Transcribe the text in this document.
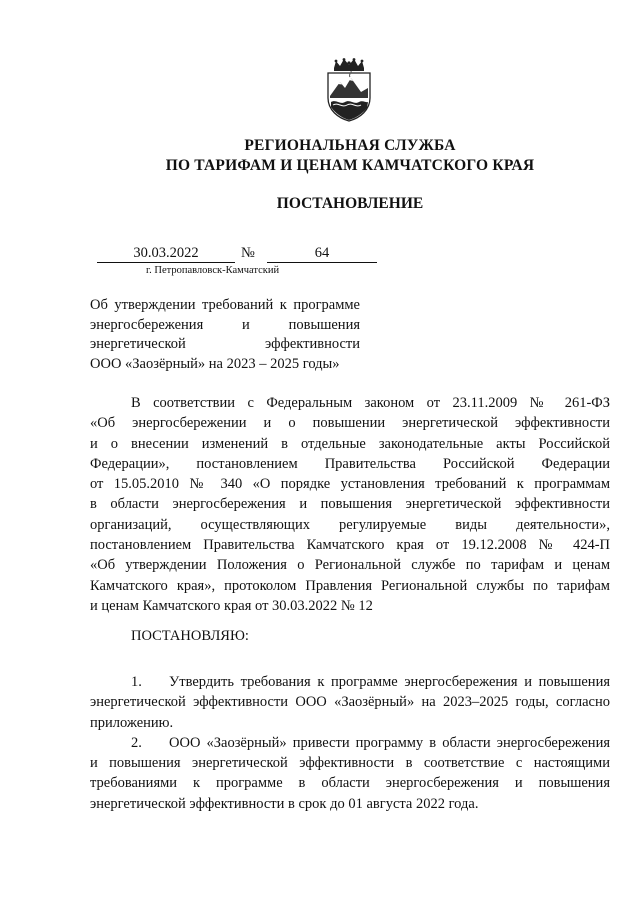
РЕГИОНАЛЬНАЯ СЛУЖБА
ПО ТАРИФАМ И ЦЕНАМ КАМЧАТСКОГО КРАЯ
ПОСТАНОВЛЕНИЕ
30.03.2022	№	64
г. Петропавловск-Камчатский
Об утверждении требований к программе
энергосбережения и повышения
энергетической эффективности
ООО «Заозёрный» на 2023 – 2025 годы»
В соответствии с Федеральным законом от 23.11.2009 № 261-ФЗ
«Об энергосбережении и о повышении энергетической эффективности
и о внесении изменений в отдельные законодательные акты Российской
Федерации», постановлением Правительства Российской Федерации
от 15.05.2010 № 340 «О порядке установления требований к программам
в области энергосбережения и повышения энергетической эффективности
организаций, осуществляющих регулируемые виды деятельности»,
постановлением Правительства Камчатского края от 19.12.2008 № 424-П
«Об утверждении Положения о Региональной службе по тарифам и ценам
Камчатского края», протоколом Правления Региональной службы по тарифам
и ценам Камчатского края от 30.03.2022 № 12
ПОСТАНОВЛЯЮ:
1. Утвердить требования к программе энергосбережения и повышения
энергетической эффективности ООО «Заозёрный» на 2023–2025 годы, согласно
приложению.
2. ООО «Заозёрный» привести программу в области энергосбережения
и повышения энергетической эффективности в соответствие с настоящими
требованиями к программе в области энергосбережения и повышения
энергетической эффективности в срок до 01 августа 2022 года.
